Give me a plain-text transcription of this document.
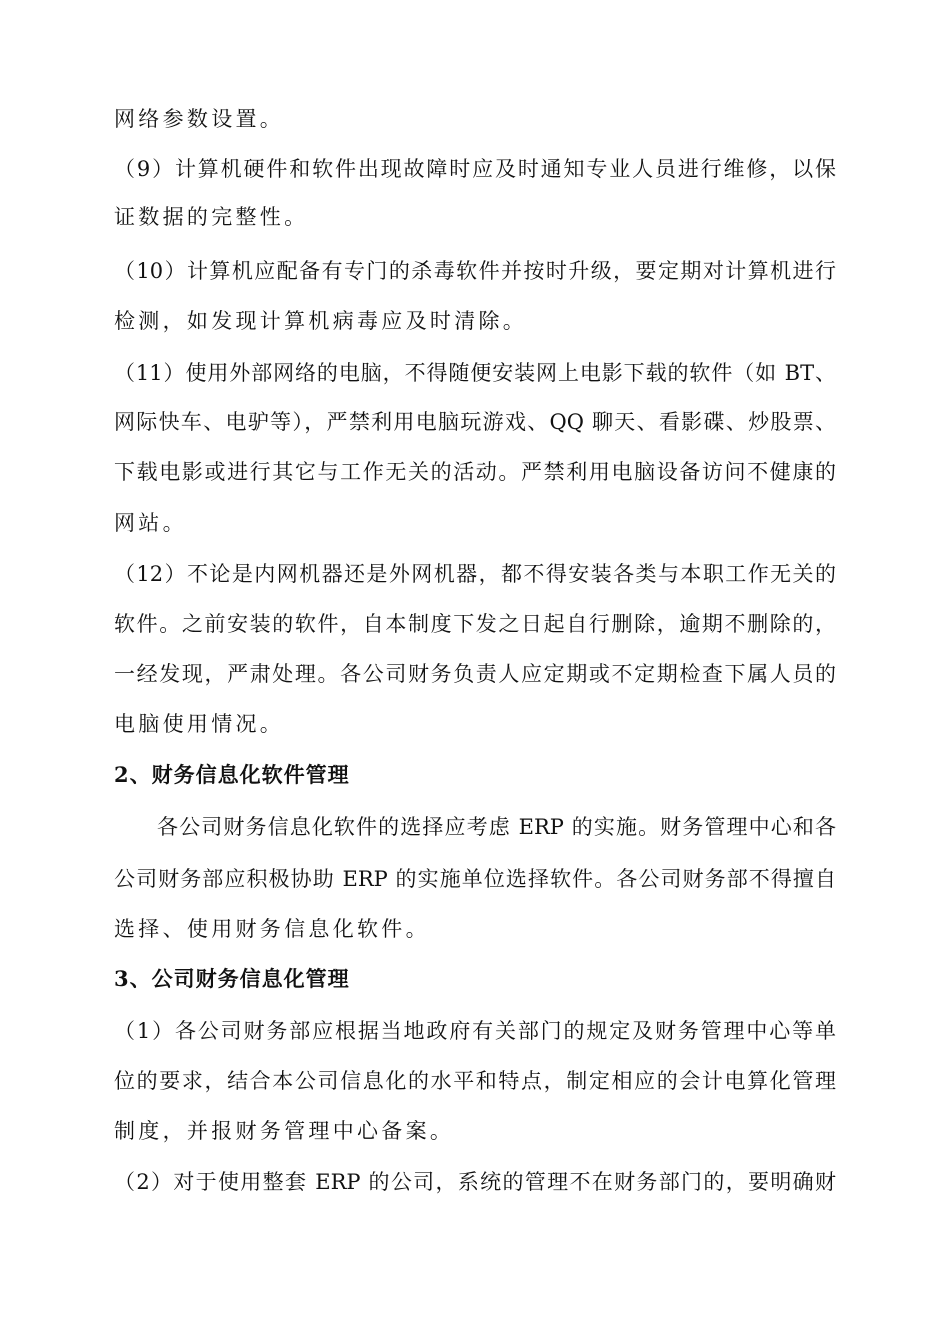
网络参数设置。
（9）计算机硬件和软件出现故障时应及时通知专业人员进行维修，以保
证数据的完整性。
（10）计算机应配备有专门的杀毒软件并按时升级，要定期对计算机进行
检测，如发现计算机病毒应及时清除。
（11）使用外部网络的电脑，不得随便安装网上电影下载的软件（如 BT、
网际快车、电驴等），严禁利用电脑玩游戏、QQ 聊天、看影碟、炒股票、
下载电影或进行其它与工作无关的活动。严禁利用电脑设备访问不健康的
网站。
（12）不论是内网机器还是外网机器，都不得安装各类与本职工作无关的
软件。之前安装的软件，自本制度下发之日起自行删除，逾期不删除的，
一经发现，严肃处理。各公司财务负责人应定期或不定期检查下属人员的
电脑使用情况。
2、财务信息化软件管理
各公司财务信息化软件的选择应考虑 ERP 的实施。财务管理中心和各
公司财务部应积极协助 ERP 的实施单位选择软件。各公司财务部不得擅自
选择、使用财务信息化软件。
3、公司财务信息化管理
（1）各公司财务部应根据当地政府有关部门的规定及财务管理中心等单
位的要求，结合本公司信息化的水平和特点，制定相应的会计电算化管理
制度，并报财务管理中心备案。
（2）对于使用整套 ERP 的公司，系统的管理不在财务部门的，要明确财
